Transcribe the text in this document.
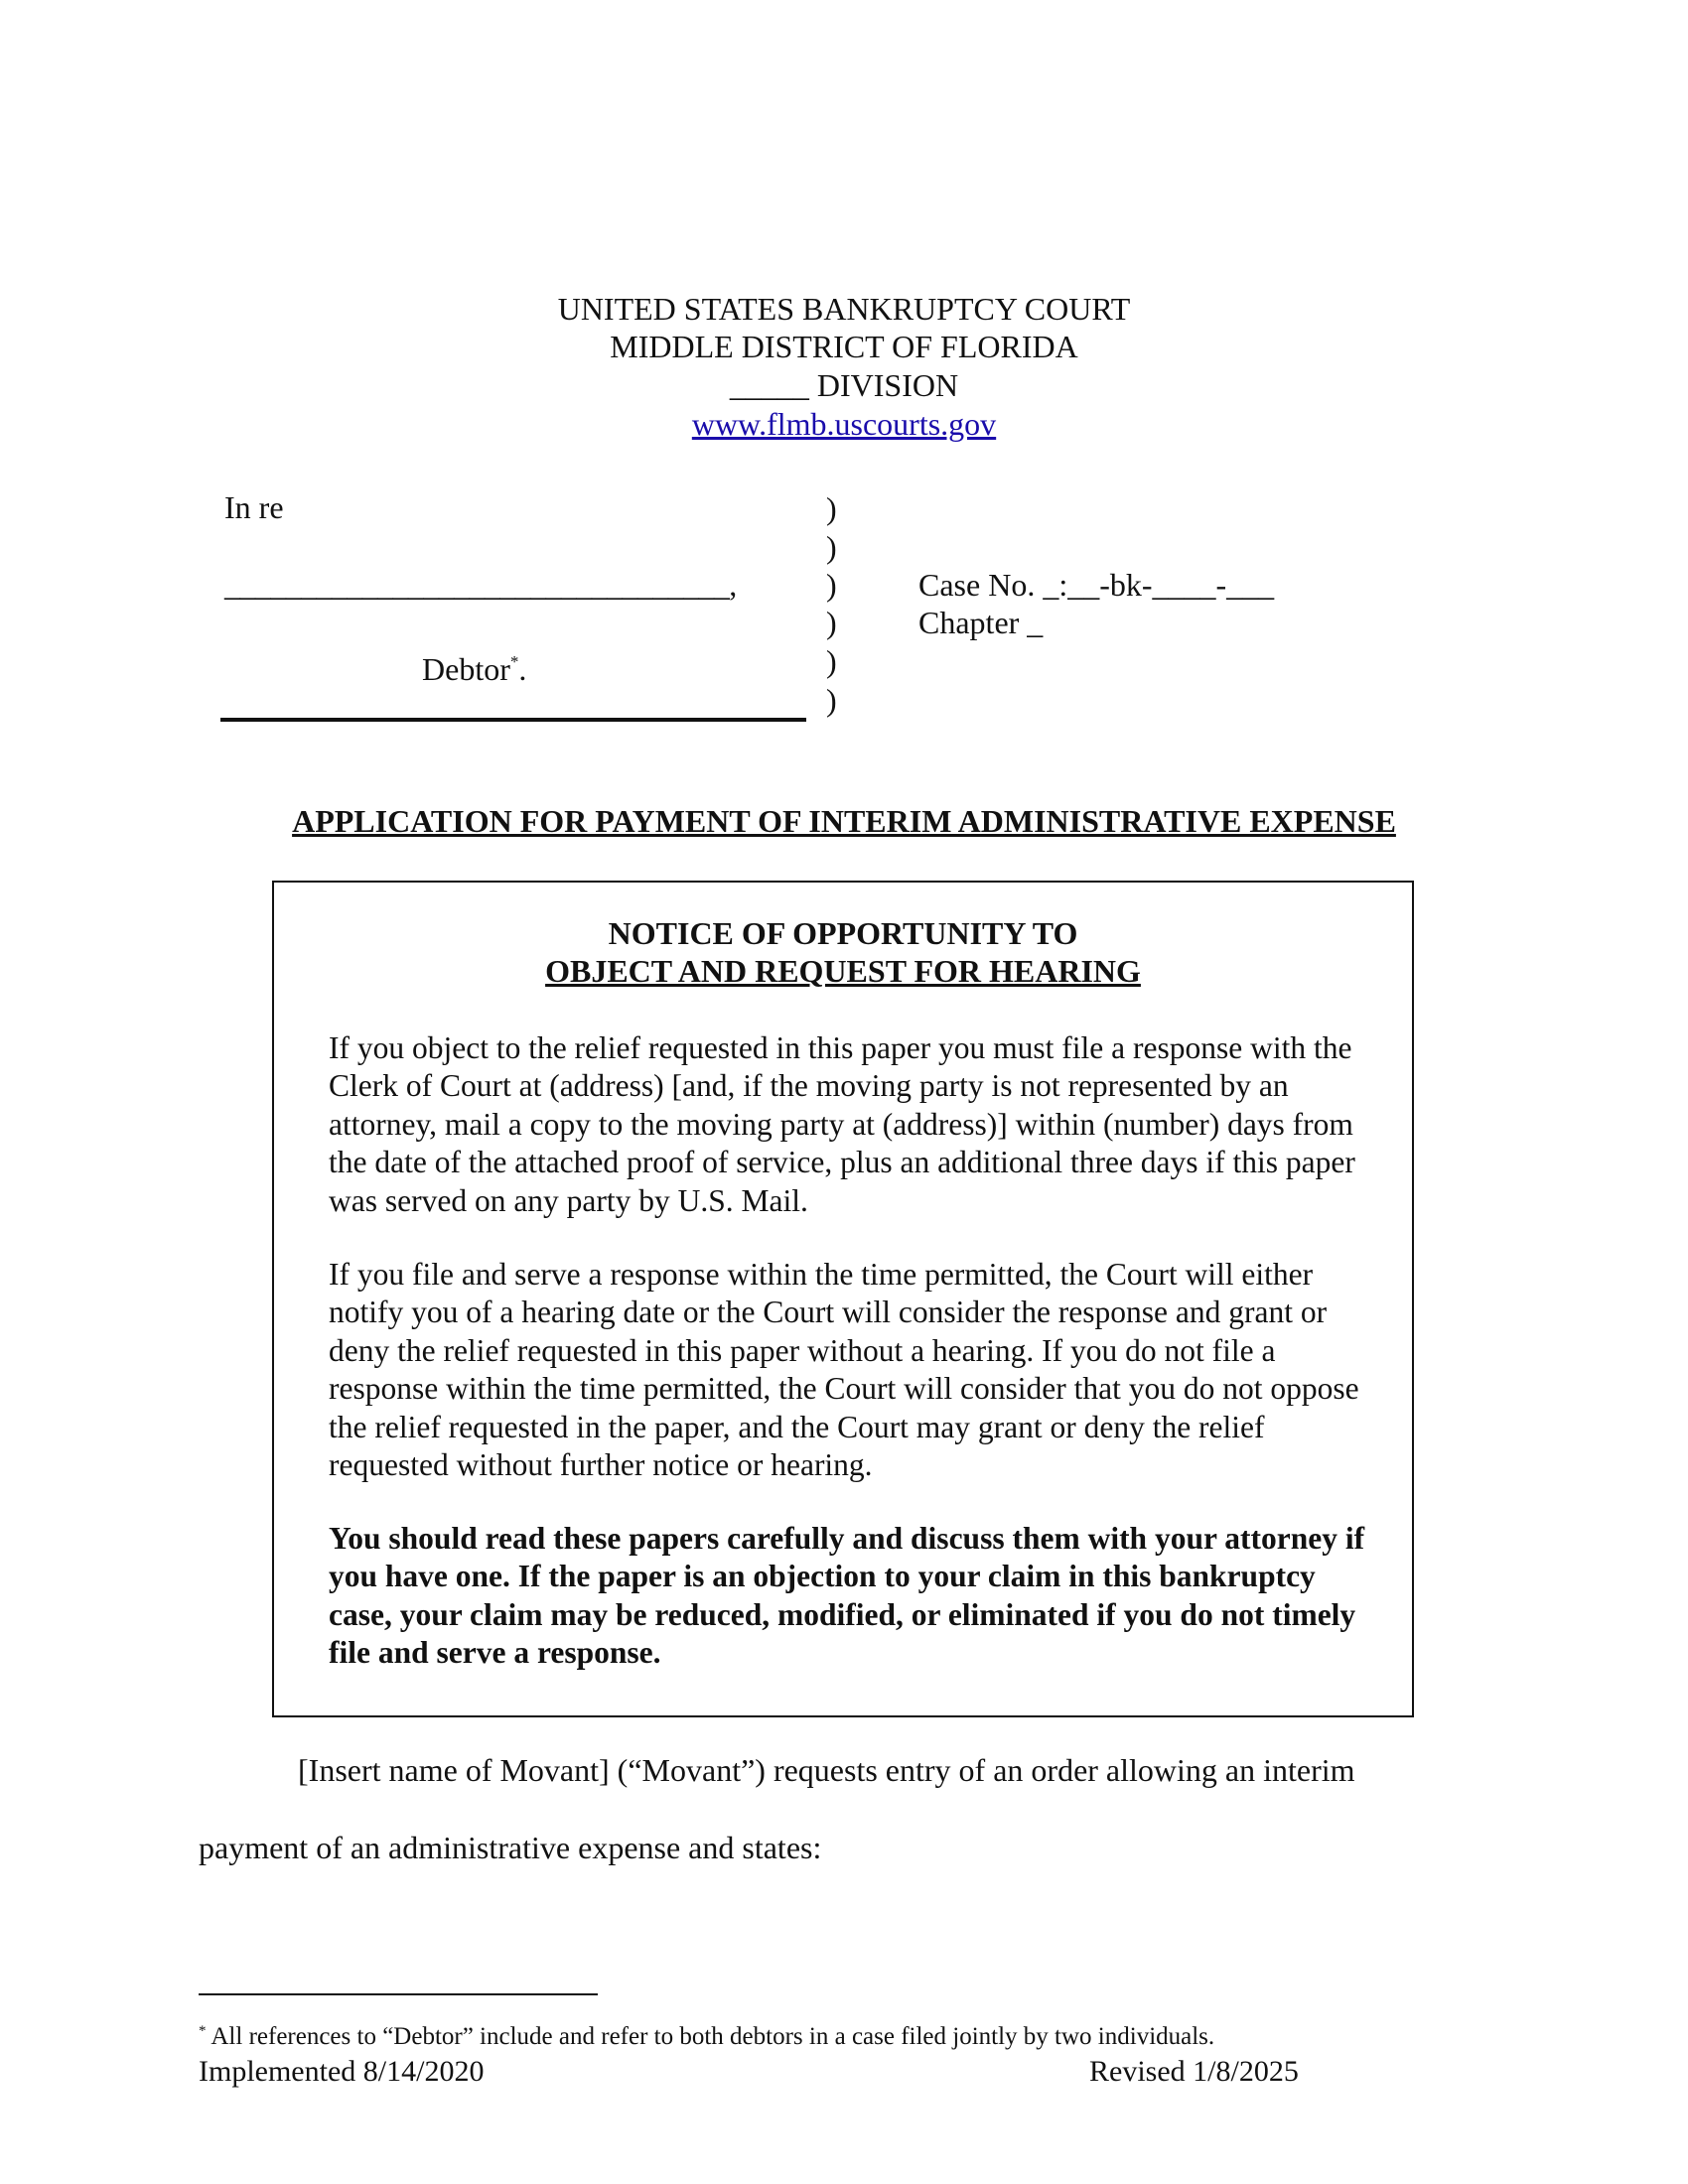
UNITED STATES BANKRUPTCY COURT
MIDDLE DISTRICT OF FLORIDA
_____ DIVISION
www.flmb.uscourts.gov
In re
_________________________________,
Debtor*.
)
)
)
)
)
)
Case No. _:__-bk-____-___
Chapter _
APPLICATION FOR PAYMENT OF INTERIM ADMINISTRATIVE EXPENSE
NOTICE OF OPPORTUNITY TO
OBJECT AND REQUEST FOR HEARING
If you object to the relief requested in this paper you must file a response with the Clerk of Court at (address) [and, if the moving party is not represented by an attorney, mail a copy to the moving party at (address)] within (number) days from the date of the attached proof of service, plus an additional three days if this paper was served on any party by U.S. Mail.
If you file and serve a response within the time permitted, the Court will either notify you of a hearing date or the Court will consider the response and grant or deny the relief requested in this paper without a hearing. If you do not file a response within the time permitted, the Court will consider that you do not oppose the relief requested in the paper, and the Court may grant or deny the relief requested without further notice or hearing.
You should read these papers carefully and discuss them with your attorney if you have one. If the paper is an objection to your claim in this bankruptcy case, your claim may be reduced, modified, or eliminated if you do not timely file and serve a response.
[Insert name of Movant] (“Movant”) requests entry of an order allowing an interim
payment of an administrative expense and states:
* All references to “Debtor” include and refer to both debtors in a case filed jointly by two individuals.
Implemented 8/14/2020	Revised 1/8/2025
